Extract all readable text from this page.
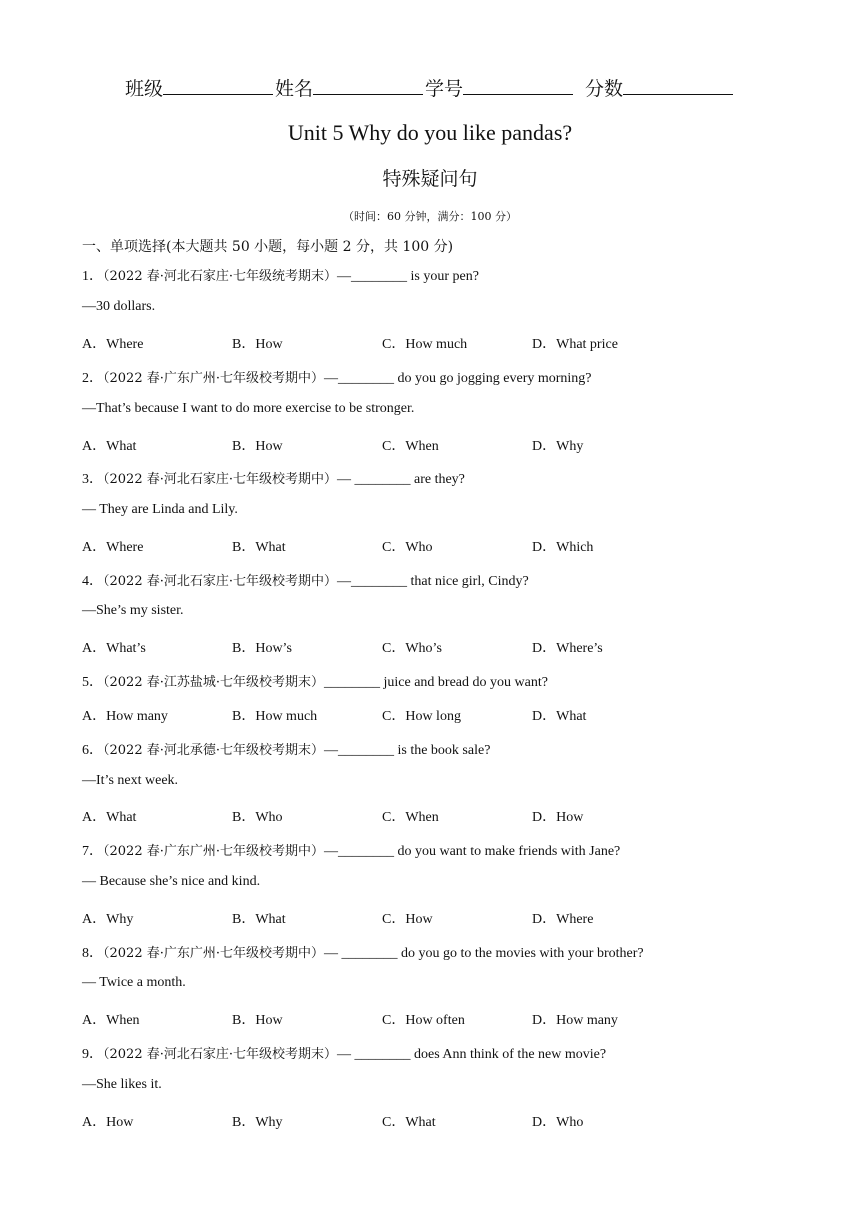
班级	姓名	学号	分数
Unit 5 Why do you like pandas?
特殊疑问句
（时间：60 分钟，满分：100 分）
一、单项选择(本大题共 50 小题，每小题 2 分，共 100 分)
1．（2022 春·河北石家庄·七年级统考期末）—________ is your pen?
—30 dollars.
A．Where	B．How	C．How much	D．What price
2．（2022 春·广东广州·七年级校考期中）—________ do you go jogging every morning?
—That’s because I want to do more exercise to be stronger.
A．What	B．How	C．When	D．Why
3．（2022 春·河北石家庄·七年级校考期中）— ________ are they?
— They are Linda and Lily.
A．Where	B．What	C．Who	D．Which
4．（2022 春·河北石家庄·七年级校考期中）—________ that nice girl, Cindy?
—She’s my sister.
A．What’s	B．How’s	C．Who’s	D．Where’s
5．（2022 春·江苏盐城·七年级校考期末）________ juice and bread do you want?
A．How many	B．How much	C．How long	D．What
6．（2022 春·河北承德·七年级校考期末）—________ is the book sale?
—It’s next week.
A．What	B．Who	C．When	D．How
7．（2022 春·广东广州·七年级校考期中）—________ do you want to make friends with Jane?
— Because she’s nice and kind.
A．Why	B．What	C．How	D．Where
8．（2022 春·广东广州·七年级校考期中）— ________ do you go to the movies with your brother?
— Twice a month.
A．When	B．How	C．How often	D．How many
9．（2022 春·河北石家庄·七年级校考期末）— ________ does Ann think of the new movie?
—She likes it.
A．How	B．Why	C．What	D．Who
